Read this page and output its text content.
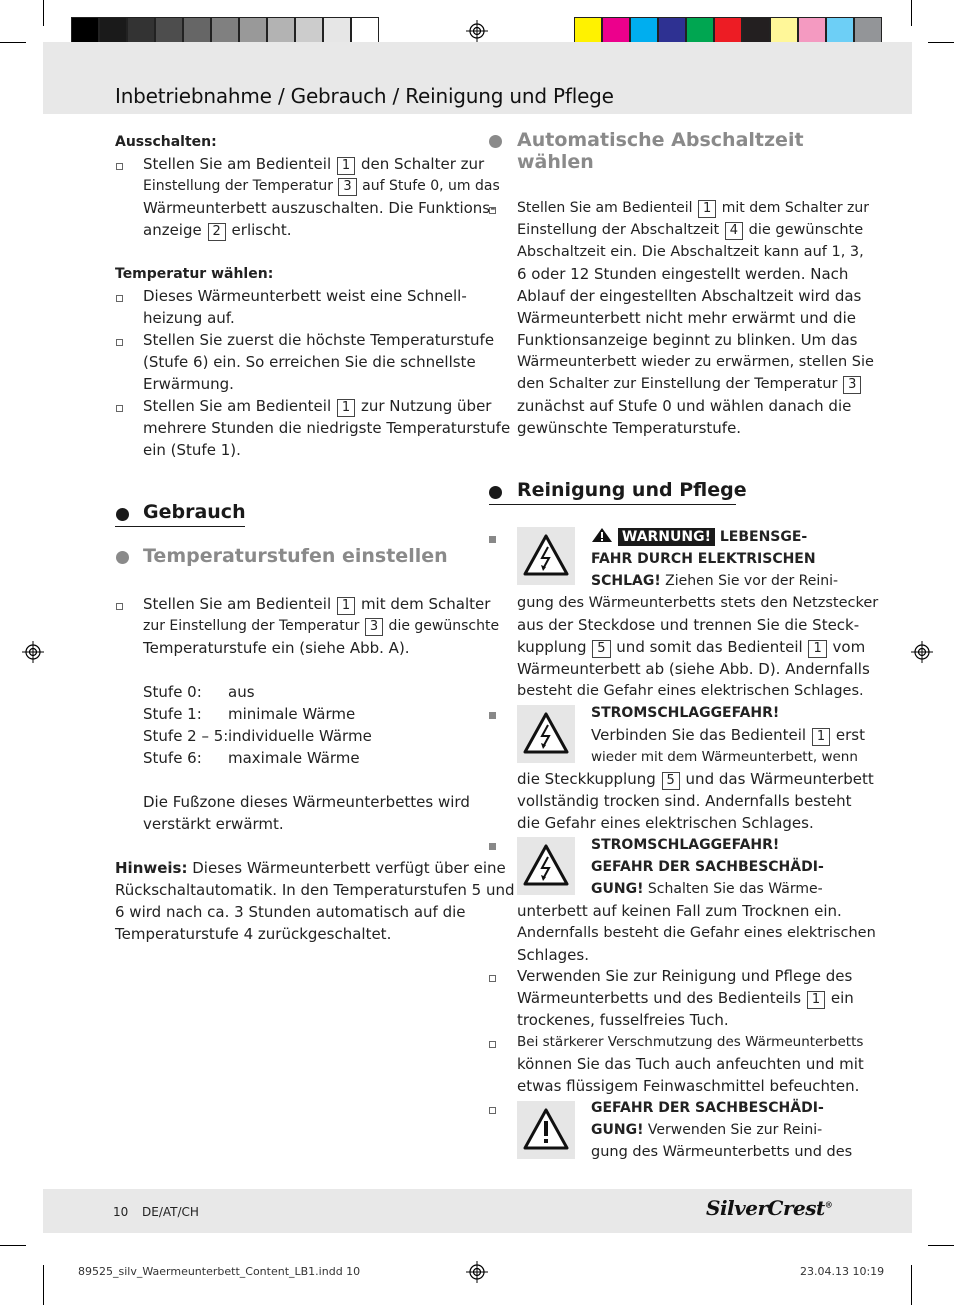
Inbetriebnahme / Gebrauch / Reinigung und Pflege
Ausschalten:
Stellen Sie am Bedienteil 1 den Schalter zur
Einstellung der Temperatur 3 auf Stufe 0, um das
Wärmeunterbett auszuschalten. Die Funktions-
anzeige 2 erlischt.
Temperatur wählen:
Dieses Wärmeunterbett weist eine Schnell-
heizung auf.
Stellen Sie zuerst die höchste Temperaturstufe
(Stufe 6) ein. So erreichen Sie die schnellste
Erwärmung.
Stellen Sie am Bedienteil 1 zur Nutzung über
mehrere Stunden die niedrigste Temperaturstufe
ein (Stufe 1).
Gebrauch
Temperaturstufen einstellen
Stellen Sie am Bedienteil 1 mit dem Schalter
zur Einstellung der Temperatur 3 die gewünschte
Temperaturstufe ein (siehe Abb. A).
Stufe 0: aus
Stufe 1: minimale Wärme
Stufe 2 – 5: individuelle Wärme
Stufe 6: maximale Wärme
Die Fußzone dieses Wärmeunterbettes wird
verstärkt erwärmt.
Hinweis: Dieses Wärmeunterbett verfügt über eine
Rückschaltautomatik. In den Temperaturstufen 5 und
6 wird nach ca. 3 Stunden automatisch auf die
Temperaturstufe 4 zurückgeschaltet.
Automatische Abschaltzeit
wählen
Stellen Sie am Bedienteil 1 mit dem Schalter zur
Einstellung der Abschaltzeit 4 die gewünschte
Abschaltzeit ein. Die Abschaltzeit kann auf 1, 3,
6 oder 12 Stunden eingestellt werden. Nach
Ablauf der eingestellten Abschaltzeit wird das
Wärmeunterbett nicht mehr erwärmt und die
Funktionsanzeige beginnt zu blinken. Um das
Wärmeunterbett wieder zu erwärmen, stellen Sie
den Schalter zur Einstellung der Temperatur 3
zunächst auf Stufe 0 und wählen danach die
gewünschte Temperaturstufe.
Reinigung und Pflege
WARNUNG! LEBENSGE-
FAHR DURCH ELEKTRISCHEN
SCHLAG! Ziehen Sie vor der Reini-
gung des Wärmeunterbetts stets den Netzstecker
aus der Steckdose und trennen Sie die Steck-
kupplung 5 und somit das Bedienteil 1 vom
Wärmeunterbett ab (siehe Abb. D). Andernfalls
besteht die Gefahr eines elektrischen Schlages.
STROMSCHLAGGEFAHR!
Verbinden Sie das Bedienteil 1 erst
wieder mit dem Wärmeunterbett, wenn
die Steckkupplung 5 und das Wärmeunterbett
vollständig trocken sind. Andernfalls besteht
die Gefahr eines elektrischen Schlages.
STROMSCHLAGGEFAHR!
GEFAHR DER SACHBESCHÄDI-
GUNG! Schalten Sie das Wärme-
unterbett auf keinen Fall zum Trocknen ein.
Andernfalls besteht die Gefahr eines elektrischen
Schlages.
Verwenden Sie zur Reinigung und Pflege des
Wärmeunterbetts und des Bedienteils 1 ein
trockenes, fusselfreies Tuch.
Bei stärkerer Verschmutzung des Wärmeunterbetts
können Sie das Tuch auch anfeuchten und mit
etwas flüssigem Feinwaschmittel befeuchten.
GEFAHR DER SACHBESCHÄDI-
GUNG! Verwenden Sie zur Reini-
gung des Wärmeunterbetts und des
10 DE/AT/CH	SilverCrest®
89525_silv_Waermeunterbett_Content_LB1.indd 10	23.04.13 10:19
